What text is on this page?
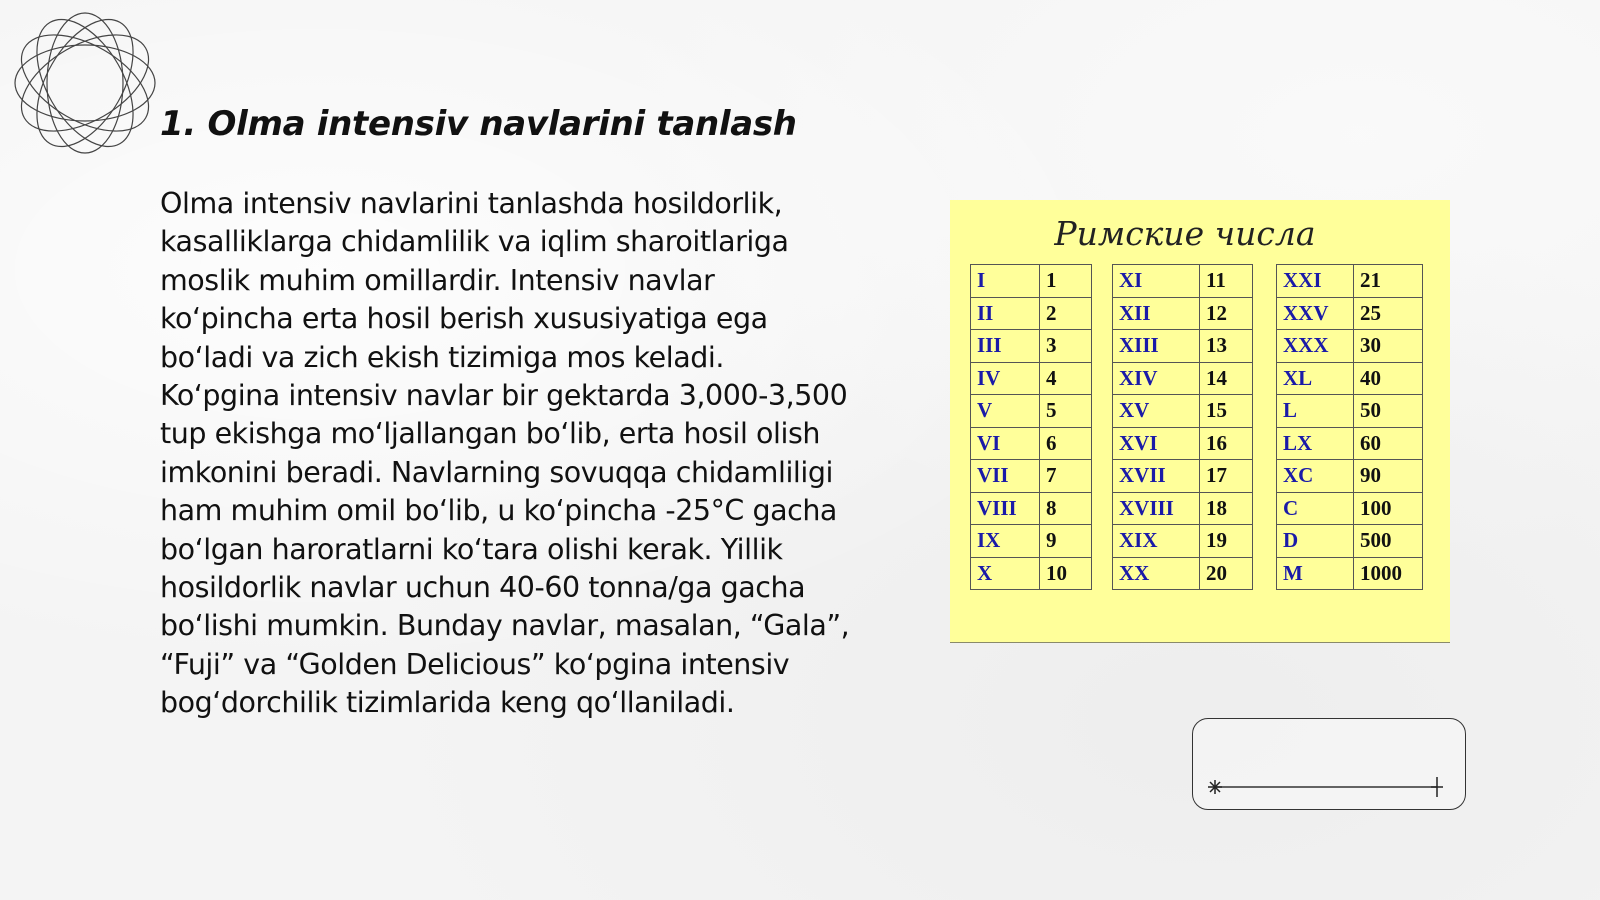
1. Olma intensiv navlarini tanlash

Olma intensiv navlarini tanlashda hosildorlik, kasalliklarga chidamlilik va iqlim sharoitlariga moslik muhim omillardir. Intensiv navlar ko‘pincha erta hosil berish xususiyatiga ega bo‘ladi va zich ekish tizimiga mos keladi. Ko‘pgina intensiv navlar bir gektarda 3,000-3,500 tup ekishga mo‘ljallangan bo‘lib, erta hosil olish imkonini beradi. Navlarning sovuqqa chidamliligi ham muhim omil bo‘lib, u ko‘pincha -25°C gacha bo‘lgan haroratlarni ko‘tara olishi kerak. Yillik hosildorlik navlar uchun 40-60 tonna/ga gacha bo‘lishi mumkin. Bunday navlar, masalan, “Gala”, “Fuji” va “Golden Delicious” ko‘pgina intensiv bog‘dorchilik tizimlarida keng qo‘llaniladi.

Римские числа
I	1
II	2
III	3
IV	4
V	5
VI	6
VII	7
VIII	8
IX	9
X	10
XI	11
XII	12
XIII	13
XIV	14
XV	15
XVI	16
XVII	17
XVIII	18
XIX	19
XX	20
XXI	21
XXV	25
XXX	30
XL	40
L	50
LX	60
XC	90
C	100
D	500
M	1000
